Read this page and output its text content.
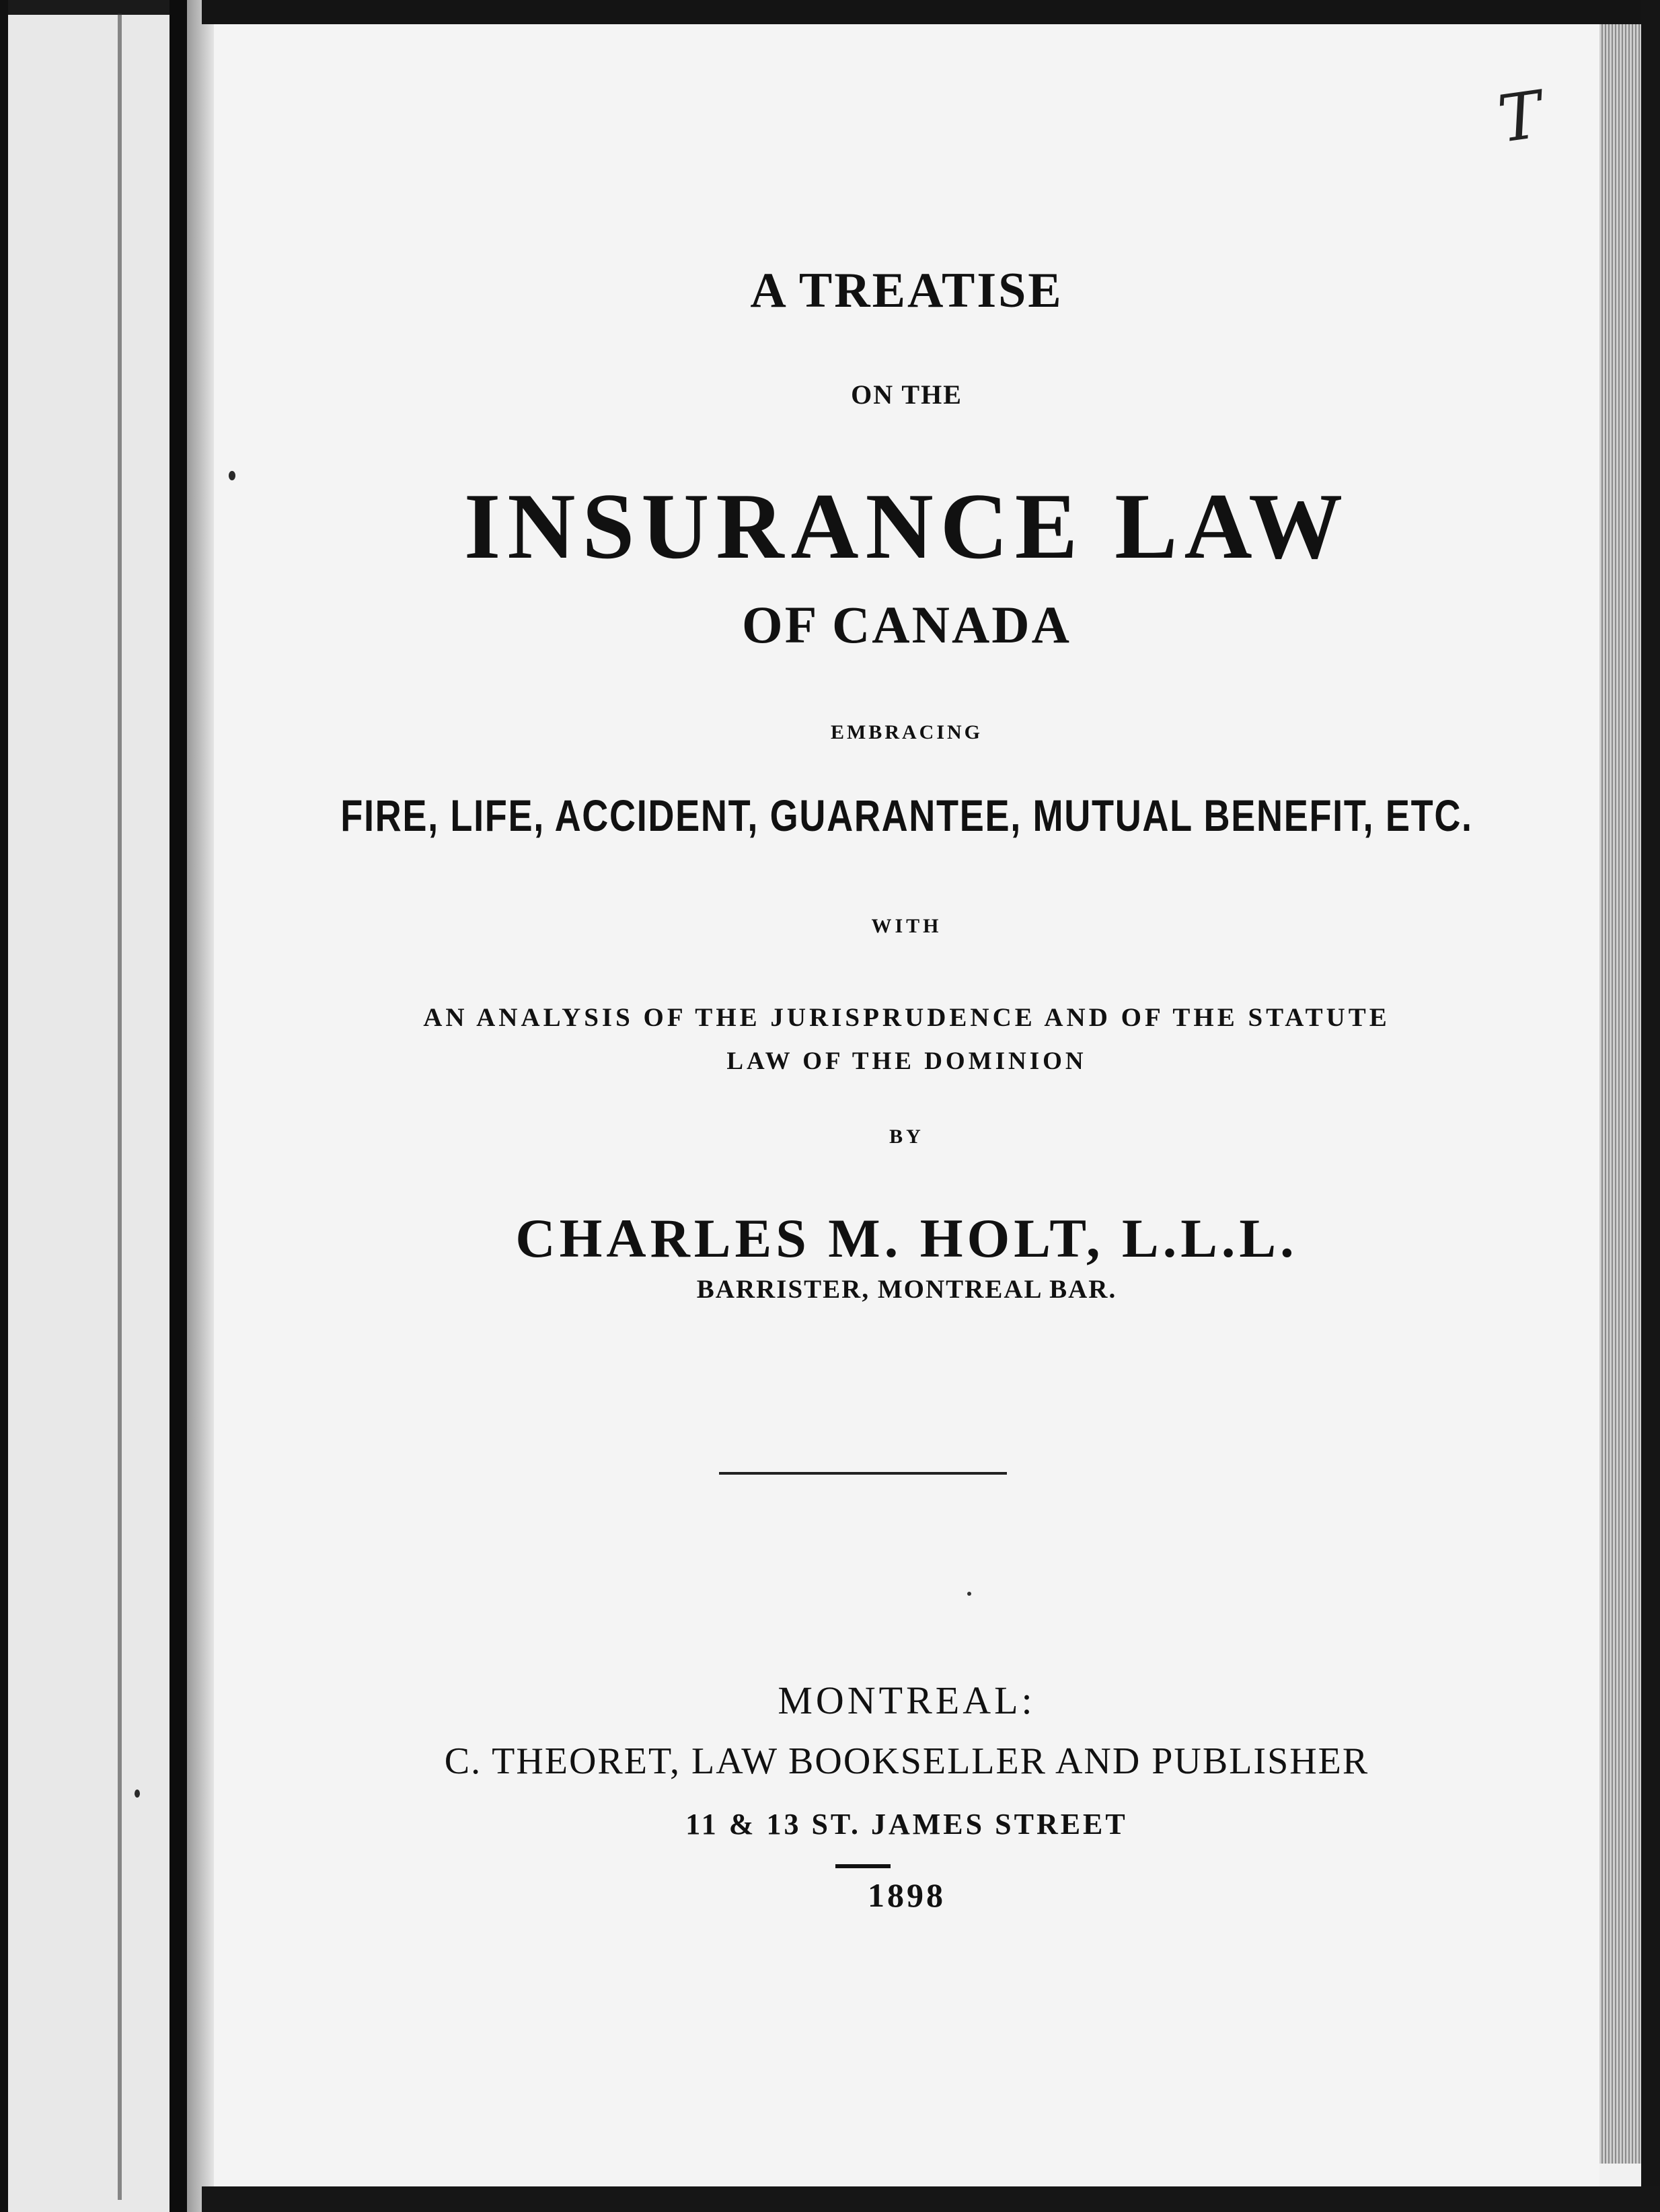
T
A TREATISE
ON THE
INSURANCE LAW
OF CANADA
EMBRACING
FIRE, LIFE, ACCIDENT, GUARANTEE, MUTUAL BENEFIT, ETC.
WITH
AN ANALYSIS OF THE JURISPRUDENCE AND OF THE STATUTE
LAW OF THE DOMINION
BY
CHARLES M. HOLT, L.L.L.
BARRISTER, MONTREAL BAR.
MONTREAL:
C. THEORET, LAW BOOKSELLER AND PUBLISHER
11 & 13 ST. JAMES STREET
1898
